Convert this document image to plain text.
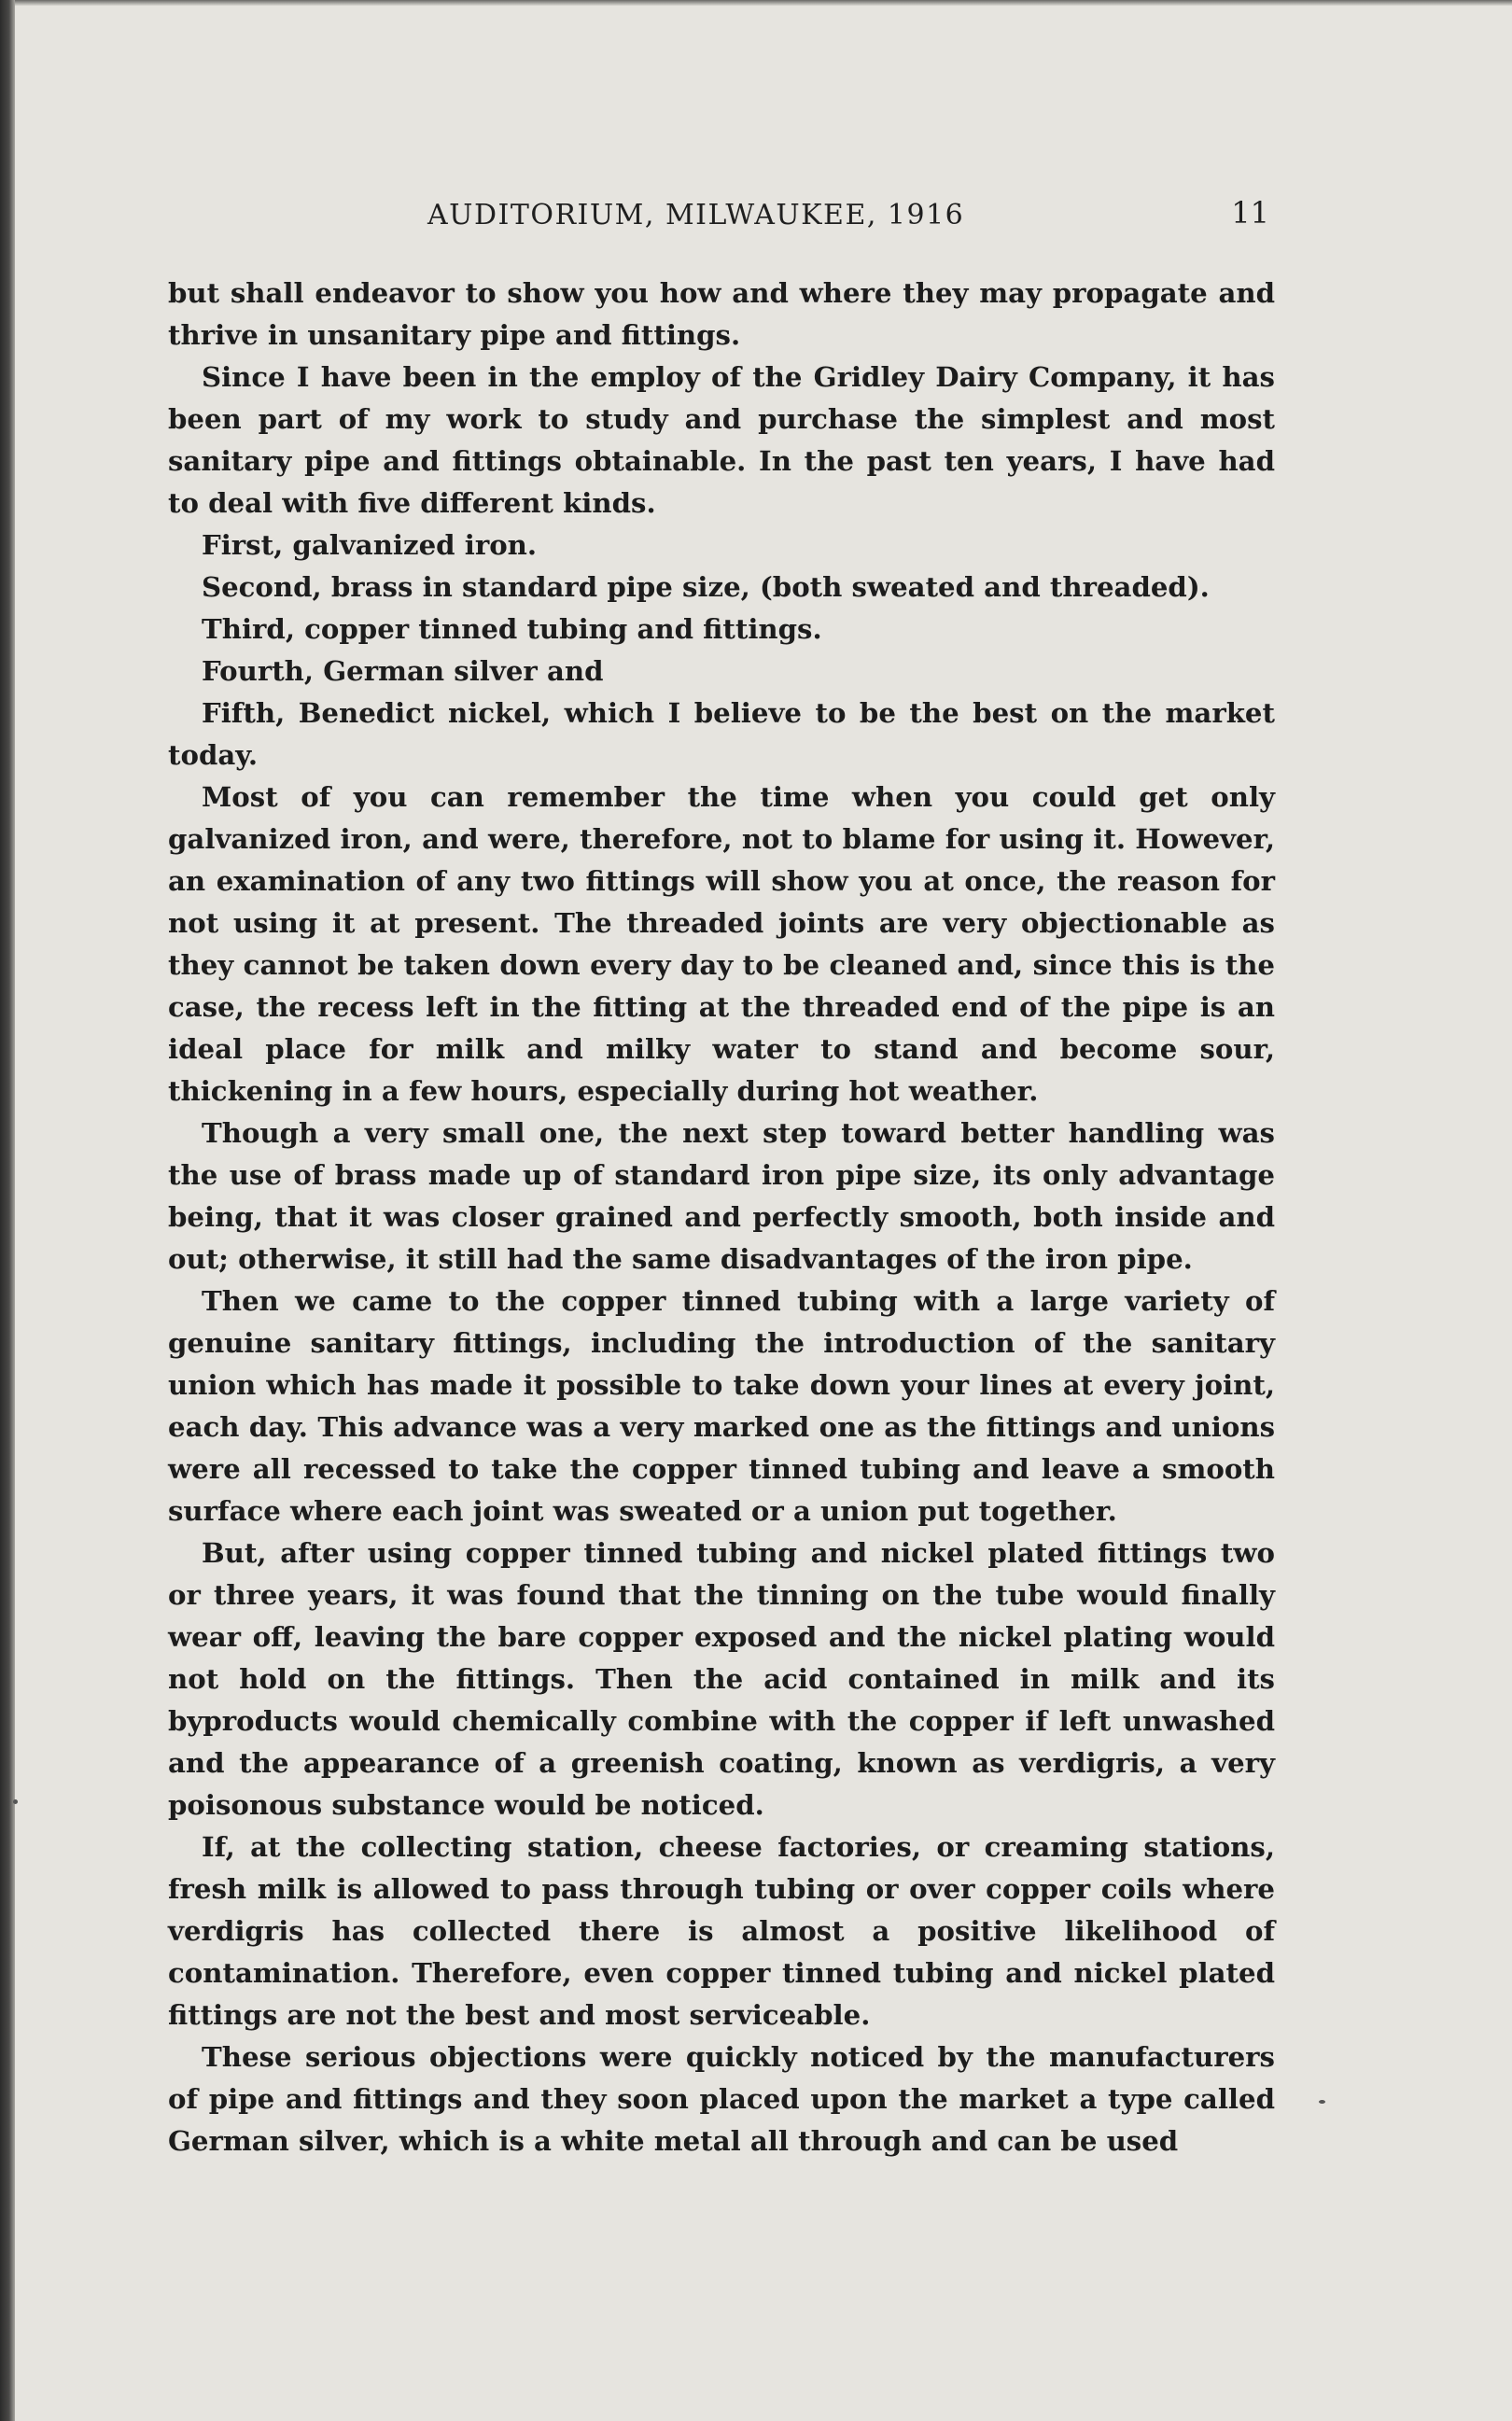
AUDITORIUM, MILWAUKEE, 1916	11

but shall endeavor to show you how and where they may propagate and thrive in unsanitary pipe and fittings.

Since I have been in the employ of the Gridley Dairy Company, it has been part of my work to study and purchase the simplest and most sanitary pipe and fittings obtainable. In the past ten years, I have had to deal with five different kinds.

First, galvanized iron.

Second, brass in standard pipe size, (both sweated and threaded).

Third, copper tinned tubing and fittings.

Fourth, German silver and

Fifth, Benedict nickel, which I believe to be the best on the market today.

Most of you can remember the time when you could get only galvanized iron, and were, therefore, not to blame for using it. However, an examination of any two fittings will show you at once, the reason for not using it at present. The threaded joints are very objectionable as they cannot be taken down every day to be cleaned and, since this is the case, the recess left in the fitting at the threaded end of the pipe is an ideal place for milk and milky water to stand and become sour, thickening in a few hours, especially during hot weather.

Though a very small one, the next step toward better handling was the use of brass made up of standard iron pipe size, its only advantage being, that it was closer grained and perfectly smooth, both inside and out; otherwise, it still had the same disadvantages of the iron pipe.

Then we came to the copper tinned tubing with a large variety of genuine sanitary fittings, including the introduction of the sanitary union which has made it possible to take down your lines at every joint, each day. This advance was a very marked one as the fittings and unions were all recessed to take the copper tinned tubing and leave a smooth surface where each joint was sweated or a union put together.

But, after using copper tinned tubing and nickel plated fittings two or three years, it was found that the tinning on the tube would finally wear off, leaving the bare copper exposed and the nickel plating would not hold on the fittings. Then the acid contained in milk and its byproducts would chemically combine with the copper if left unwashed and the appearance of a greenish coating, known as verdigris, a very poisonous substance would be noticed.

If, at the collecting station, cheese factories, or creaming stations, fresh milk is allowed to pass through tubing or over copper coils where verdigris has collected there is almost a positive likelihood of contamination. Therefore, even copper tinned tubing and nickel plated fittings are not the best and most serviceable.

These serious objections were quickly noticed by the manufacturers of pipe and fittings and they soon placed upon the market a type called German silver, which is a white metal all through and can be used
